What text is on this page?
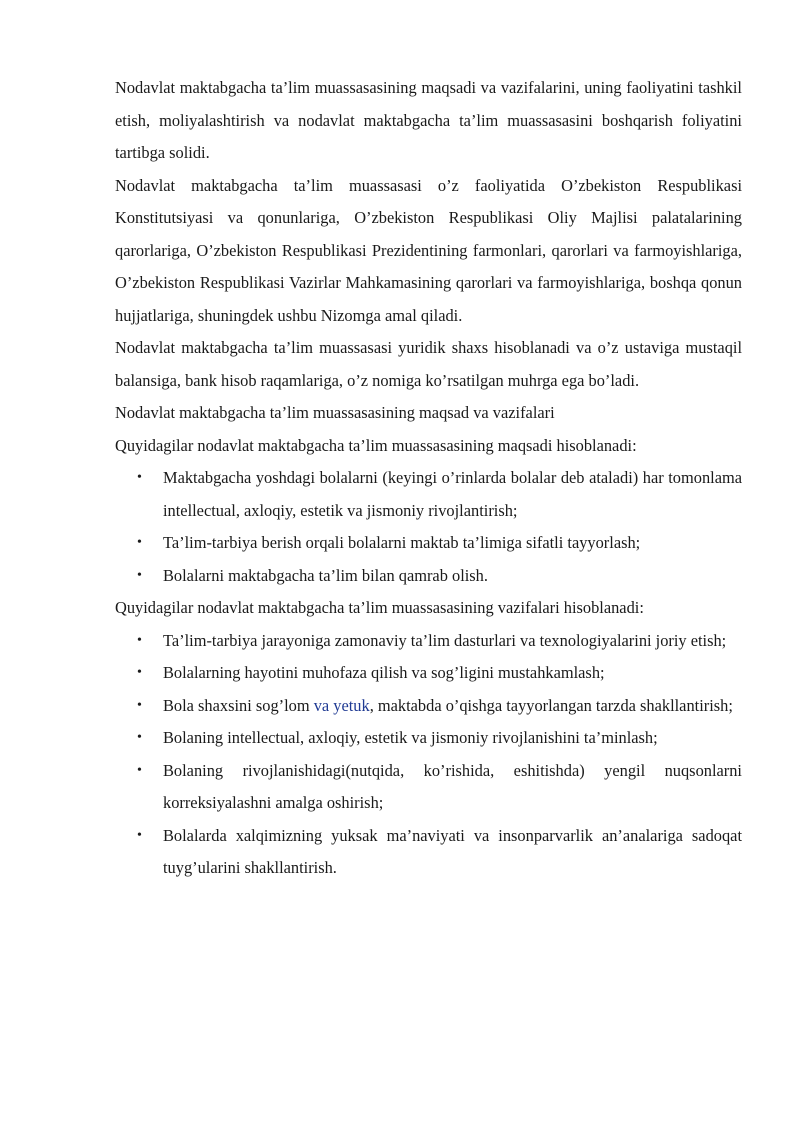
Nodavlat maktabgacha ta’lim muassasasining maqsadi va vazifalarini, uning faoliyatini tashkil etish, moliyalashtirish va nodavlat maktabgacha ta’lim muassasasini boshqarish foliyatini tartibga solidi.

Nodavlat maktabgacha ta’lim muassasasi o’z faoliyatida O’zbekiston Respublikasi Konstitutsiyasi va qonunlariga, O’zbekiston Respublikasi Oliy Majlisi palatalarining qarorlariga, O’zbekiston Respublikasi Prezidentining farmonlari, qarorlari va farmoyishlariga, O’zbekiston Respublikasi Vazirlar Mahkamasining qarorlari va farmoyishlariga, boshqa qonun hujjatlariga, shuningdek ushbu Nizomga amal qiladi.

Nodavlat maktabgacha ta’lim muassasasi yuridik shaxs hisoblanadi va o’z ustaviga mustaqil balansiga, bank hisob raqamlariga, o’z nomiga ko’rsatilgan muhrga ega bo’ladi.

Nodavlat maktabgacha ta’lim muassasasining maqsad va vazifalari

Quyidagilar nodavlat maktabgacha ta’lim muassasasining maqsadi hisoblanadi:

• Maktabgacha yoshdagi bolalarni (keyingi o’rinlarda bolalar deb ataladi) har tomonlama intellectual, axloqiy, estetik va jismoniy rivojlantirish;
• Ta’lim-tarbiya berish orqali bolalarni maktab ta’limiga sifatli tayyorlash;
• Bolalarni maktabgacha ta’lim bilan qamrab olish.

Quyidagilar nodavlat maktabgacha ta’lim muassasasining vazifalari hisoblanadi:

• Ta’lim-tarbiya jarayoniga zamonaviy ta’lim dasturlari va texnologiyalarini joriy etish;
• Bolalarning hayotini muhofaza qilish va sog’ligini mustahkamlash;
• Bola shaxsini sog’lom va yetuk, maktabda o’qishga tayyorlangan tarzda shakllantirish;
• Bolaning intellectual, axloqiy, estetik va jismoniy rivojlanishini ta’minlash;
• Bolaning rivojlanishidagi(nutqida, ko’rishida, eshitishda) yengil nuqsonlarni korreksiyalashni amalga oshirish;
• Bolalarda xalqimizning yuksak ma’naviyati va insonparvarlik an’analariga sadoqat tuyg’ularini shakllantirish.
